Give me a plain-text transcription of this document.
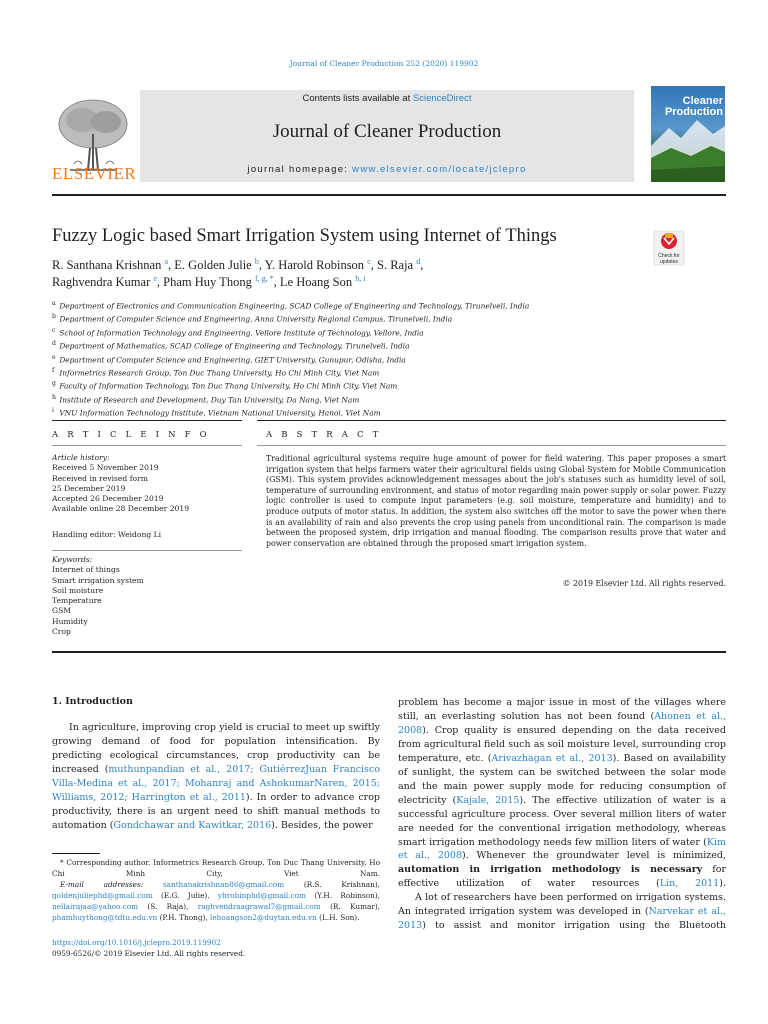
Journal of Cleaner Production 252 (2020) 119902
ELSEVIER
Contents lists available at ScienceDirect
Journal of Cleaner Production
journal homepage: www.elsevier.com/locate/jclepro
Cleaner
Production
Fuzzy Logic based Smart Irrigation System using Internet of Things
Check for updates
R. Santhana Krishnan $^a$, E. Golden Julie $^b$, Y. Harold Robinson $^c$, S. Raja $^d$,
Raghvendra Kumar $^e$, Pham Huy Thong $^{f, g, *}$, Le Hoang Son $^{h, i}$
$^a$ Department of Electronics and Communication Engineering, SCAD College of Engineering and Technology, Tirunelveli, India
$^b$ Department of Computer Science and Engineering, Anna University Regional Campus, Tirunelveli, India
$^c$ School of Information Technology and Engineering, Vellore Institute of Technology, Vellore, India
$^d$ Department of Mathematics, SCAD College of Engineering and Technology, Tirunelveli, India
$^e$ Department of Computer Science and Engineering, GIET University, Gunupur, Odisha, India
$^f$ Informetrics Research Group, Ton Duc Thang University, Ho Chi Minh City, Viet Nam
$^g$ Faculty of Information Technology, Ton Duc Thang University, Ho Chi Minh City, Viet Nam
$^h$ Institute of Research and Development, Duy Tan University, Da Nang, Viet Nam
$^i$ VNU Information Technology Institute, Vietnam National University, Hanoi, Viet Nam
A R T I C L E I N F O	A B S T R A C T
Article history:
Received 5 November 2019
Received in revised form
25 December 2019
Accepted 26 December 2019
Available online 28 December 2019
Handling editor: Weidong Li
Keywords:
Internet of things
Smart irrigation system
Soil moisture
Temperature
GSM
Humidity
Crop
Traditional agricultural systems require huge amount of power for field watering. This paper proposes a smart irrigation system that helps farmers water their agricultural fields using Global System for Mobile Communication (GSM). This system provides acknowledgement messages about the job's statuses such as humidity level of soil, temperature of surrounding environment, and status of motor regarding main power supply or solar power. Fuzzy logic controller is used to compute input parameters (e.g. soil moisture, temperature and humidity) and to produce outputs of motor status. In addition, the system also switches off the motor to save the power when there is an availability of rain and also prevents the crop using panels from unconditional rain. The comparison is made between the proposed system, drip irrigation and manual flooding. The comparison results prove that water and power conservation are obtained through the proposed smart irrigation system.
© 2019 Elsevier Ltd. All rights reserved.
1. Introduction

In agriculture, improving crop yield is crucial to meet up swiftly growing demand of food for population intensification. By predicting ecological circumstances, crop productivity can be increased (muthunpandian et al., 2017; GutiérrezJuan Francisco Villa-Medina et al., 2017; Mohanraj and AshokumarNaren, 2015; Williams, 2012; Harrington et al., 2011). In order to advance crop productivity, there is an urgent need to shift manual methods to automation (Gondchawar and Kawitkar, 2016). Besides, the power

problem has become a major issue in most of the villages where still, an everlasting solution has not been found (Ahonen et al., 2008). Crop quality is ensured depending on the data received from agricultural field such as soil moisture level, surrounding crop temperature, etc. (Arivazhagan et al., 2013). Based on availability of sunlight, the system can be switched between the solar mode and the main power supply mode for reducing consumption of electricity (Kajale, 2015). The effective utilization of water is a successful agriculture process. Over several million liters of water are needed for the conventional irrigation methodology, whereas smart irrigation methodology needs few million liters of water (Kim et al., 2008). Whenever the groundwater level is minimized, automation in irrigation methodology is necessary for effective utilization of water resources (Lin, 2011).

A lot of researchers have been performed on irrigation systems. An integrated irrigation system was developed in (Narvekar et al., 2013) to assist and monitor irrigation using the Bluetooth

* Corresponding author. Informetrics Research Group, Ton Duc Thang University, Ho Chi Minh City, Viet Nam.

E-mail addresses: santhanakrishnan86@gmail.com (R.S. Krishnan), goldenjuliephd@gmail.com (E.G. Julie), yhrobinphd@gmail.com (Y.H. Robinson), nellairajaa@yahoo.com (S. Raja), raghvendraagrawal7@gmail.com (R. Kumar), phamhuythong@tdtu.edu.vn (P.H. Thong), lehoangson2@duytan.edu.vn (L.H. Son).

https://doi.org/10.1016/j.jclepro.2019.119902
0959-6526/© 2019 Elsevier Ltd. All rights reserved.
